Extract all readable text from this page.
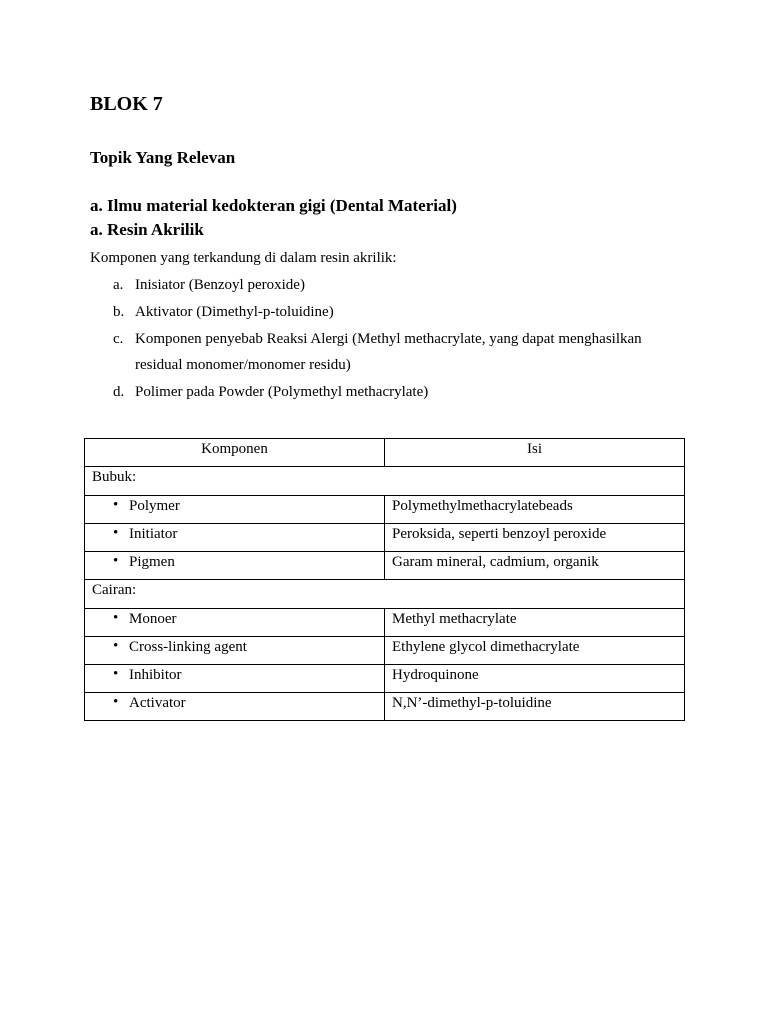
BLOK 7
Topik Yang Relevan
a. Ilmu material kedokteran gigi (Dental Material)
a. Resin Akrilik

Komponen yang terkandung di dalam resin akrilik:

a. Inisiator (Benzoyl peroxide)
b. Aktivator (Dimethyl-p-toluidine)
c. Komponen penyebab Reaksi Alergi (Methyl methacrylate, yang dapat menghasilkan
residual monomer/monomer residu)
d. Polimer pada Powder (Polymethyl methacrylate)
Komponen	Isi
Bubuk:	

• Polymer	Polymethylmethacrylatebeads

• Initiator	Peroksida, seperti benzoyl peroxide

• Pigmen	Garam mineral, cadmium, organik
Cairan:	

• Monoer	Methyl methacrylate

• Cross-linking agent	Ethylene glycol dimethacrylate

• Inhibitor	Hydroquinone

• Activator	N,N’-dimethyl-p-toluidine
